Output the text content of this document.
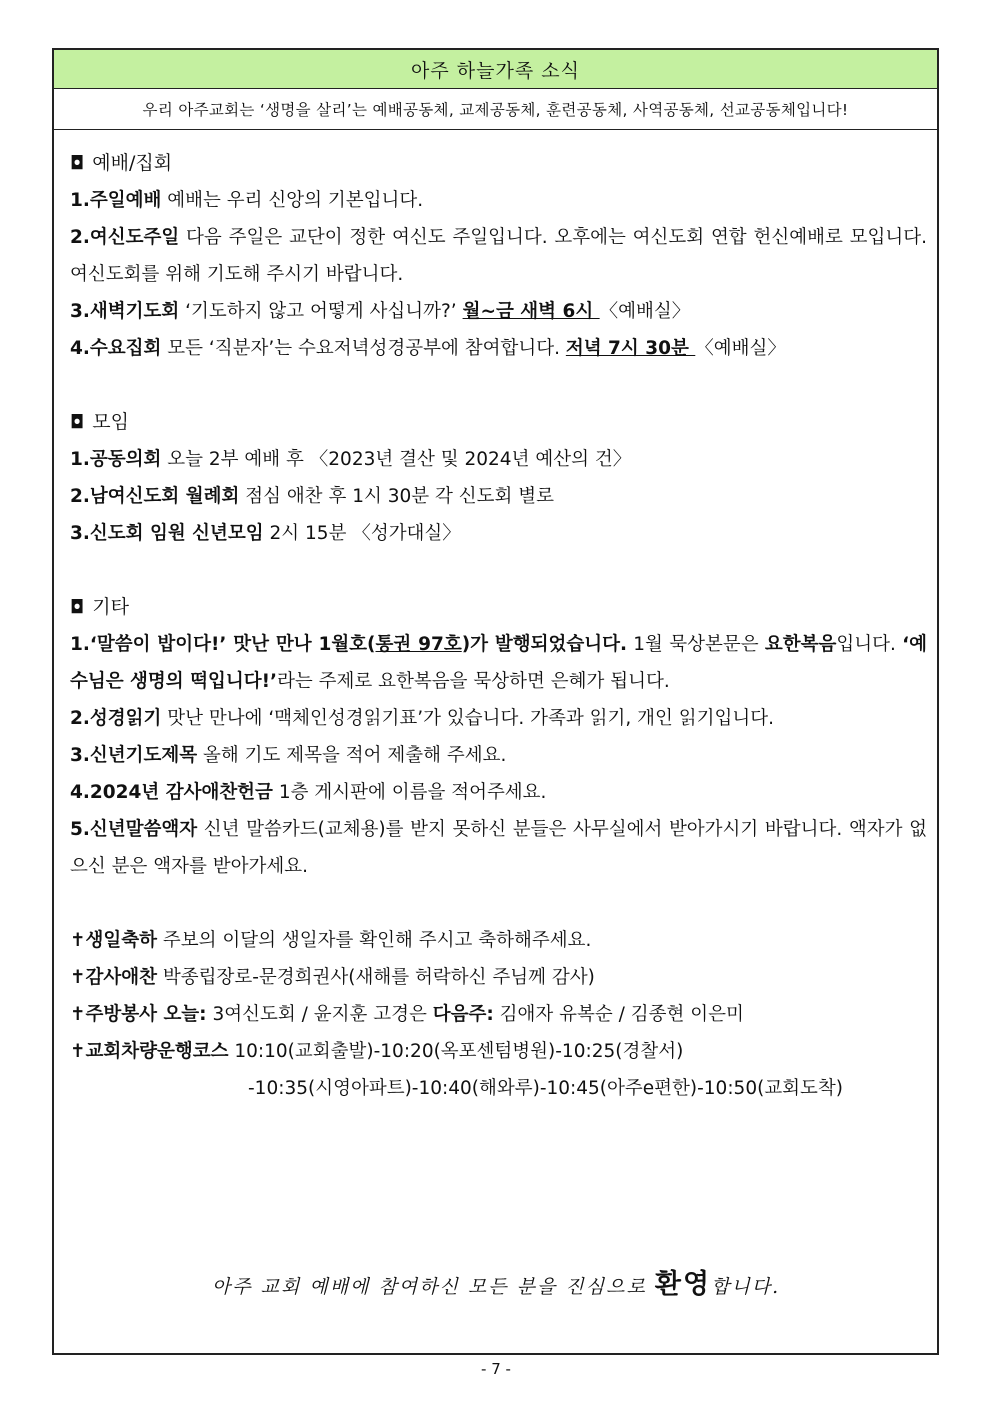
아주 하늘가족 소식
우리 아주교회는 ‘생명을 살리’는 예배공동체, 교제공동체, 훈련공동체, 사역공동체, 선교공동체입니다!

◘ 예배/집회

1.주일예배 예배는 우리 신앙의 기본입니다.

2.여신도주일 다음 주일은 교단이 정한 여신도 주일입니다. 오후에는 여신도회 연합 헌신예배로 모입니다. 여신도회를 위해 기도해 주시기 바랍니다.

3.새벽기도회 ‘기도하지 않고 어떻게 사십니까?’ 월~금 새벽 6시 〈예배실〉

4.수요집회 모든 ‘직분자’는 수요저녁성경공부에 참여합니다. 저녁 7시 30분 〈예배실〉

◘ 모임

1.공동의회 오늘 2부 예배 후 〈2023년 결산 및 2024년 예산의 건〉

2.남여신도회 월례회 점심 애찬 후 1시 30분 각 신도회 별로

3.신도회 임원 신년모임 2시 15분 〈성가대실〉

◘ 기타

1.‘말씀이 밥이다!’ 맛난 만나 1월호(통권 97호)가 발행되었습니다. 1월 묵상본문은 요한복음입니다. ‘예수님은 생명의 떡입니다!’라는 주제로 요한복음을 묵상하면 은혜가 됩니다.

2.성경읽기 맛난 만나에 ‘맥체인성경읽기표’가 있습니다. 가족과 읽기, 개인 읽기입니다.

3.신년기도제목 올해 기도 제목을 적어 제출해 주세요.

4.2024년 감사애찬헌금 1층 게시판에 이름을 적어주세요.

5.신년말씀액자 신년 말씀카드(교체용)를 받지 못하신 분들은 사무실에서 받아가시기 바랍니다. 액자가 없으신 분은 액자를 받아가세요.

✝생일축하 주보의 이달의 생일자를 확인해 주시고 축하해주세요.

✝감사애찬 박종립장로-문경희권사(새해를 허락하신 주님께 감사)

✝주방봉사 오늘: 3여신도회 / 윤지훈 고경은 다음주: 김애자 유복순 / 김종현 이은미

✝교회차량운행코스 10:10(교회출발)-10:20(옥포센텀병원)-10:25(경찰서)

-10:35(시영아파트)-10:40(해와루)-10:45(아주e편한)-10:50(교회도착)

아주 교회 예배에 참여하신 모든 분을 진심으로 환영합니다.
- 7 -
